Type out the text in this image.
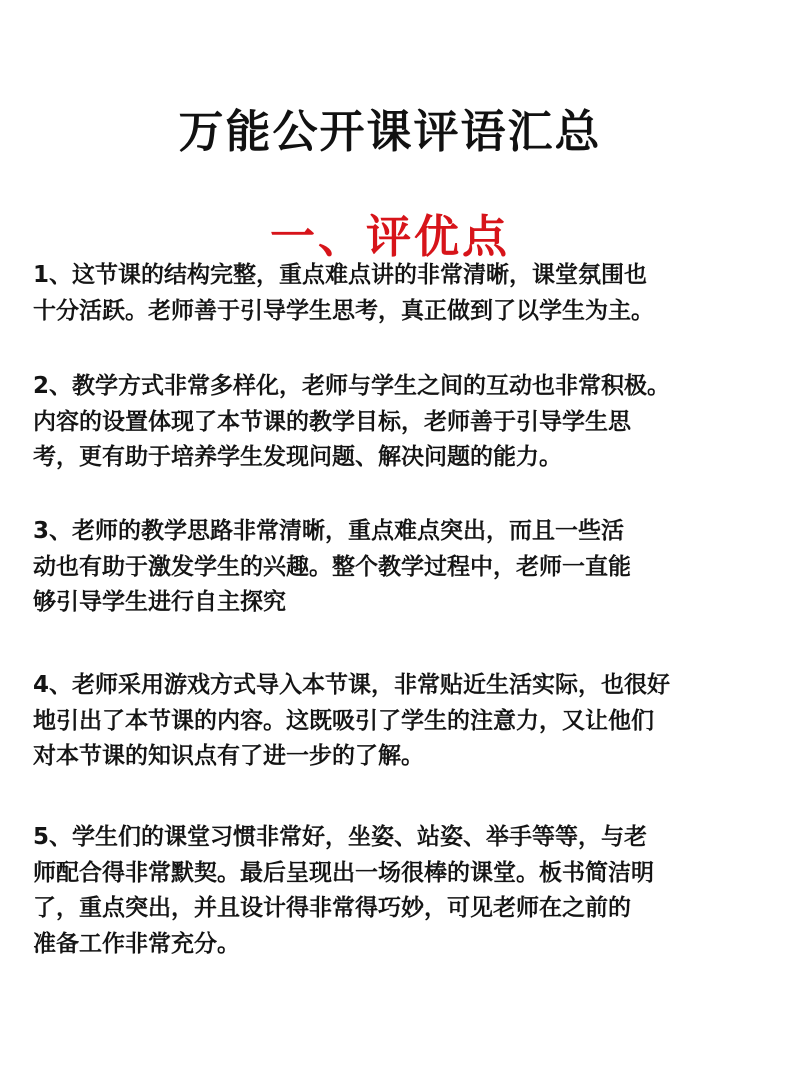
万能公开课评语汇总
一、评优点

1、这节课的结构完整，重点难点讲的非常清晰，课堂氛围也
十分活跃。老师善于引导学生思考，真正做到了以学生为主。

2、教学方式非常多样化，老师与学生之间的互动也非常积极。
内容的设置体现了本节课的教学目标，老师善于引导学生思
考，更有助于培养学生发现问题、解决问题的能力。

3、老师的教学思路非常清晰，重点难点突出，而且一些活
动也有助于激发学生的兴趣。整个教学过程中，老师一直能
够引导学生进行自主探究

4、老师采用游戏方式导入本节课，非常贴近生活实际，也很好
地引出了本节课的内容。这既吸引了学生的注意力，又让他们
对本节课的知识点有了进一步的了解。

5、学生们的课堂习惯非常好，坐姿、站姿、举手等等，与老
师配合得非常默契。最后呈现出一场很棒的课堂。板书简洁明
了，重点突出，并且设计得非常得巧妙，可见老师在之前的
准备工作非常充分。
